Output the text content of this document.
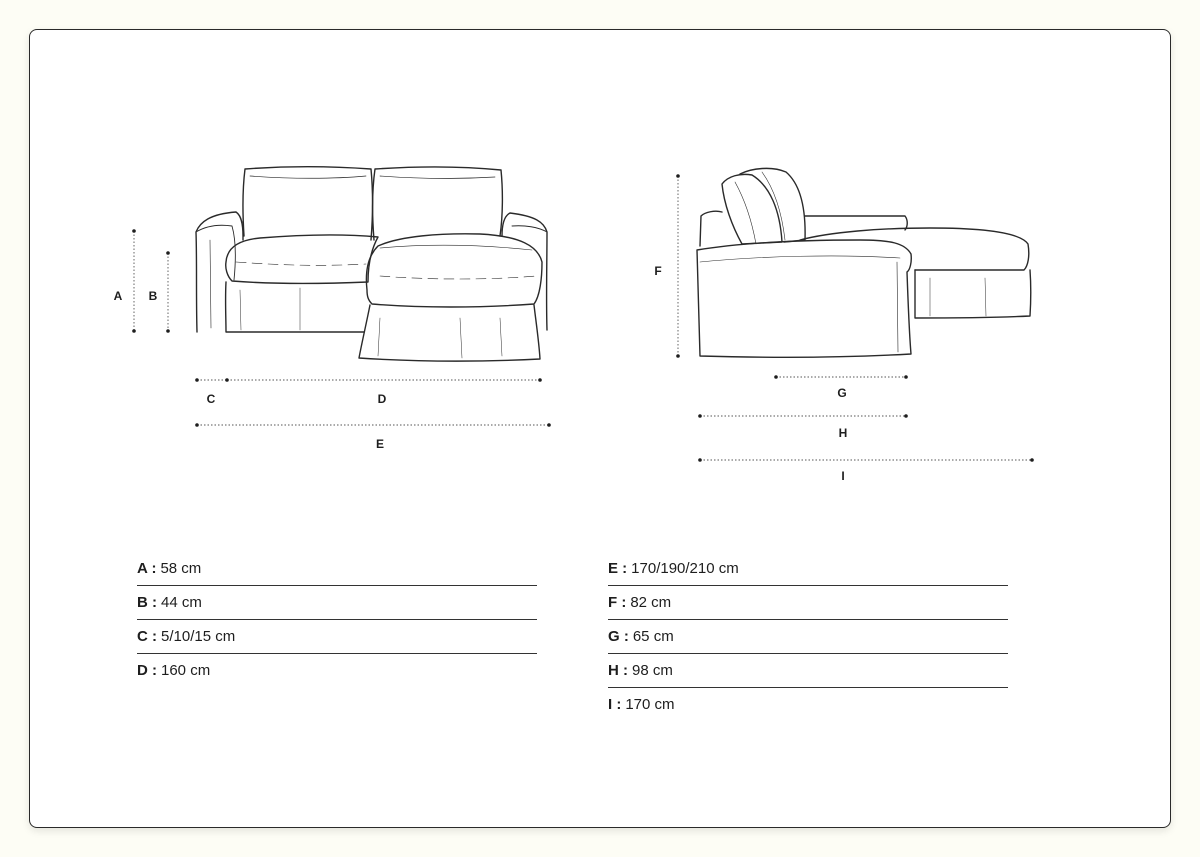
A B
C	D
E
F
G
H
I
A : 58 cm
B : 44 cm
C : 5/10/15 cm
D : 160 cm
E : 170/190/210 cm
F : 82 cm
G : 65 cm
H : 98 cm
I : 170 cm
